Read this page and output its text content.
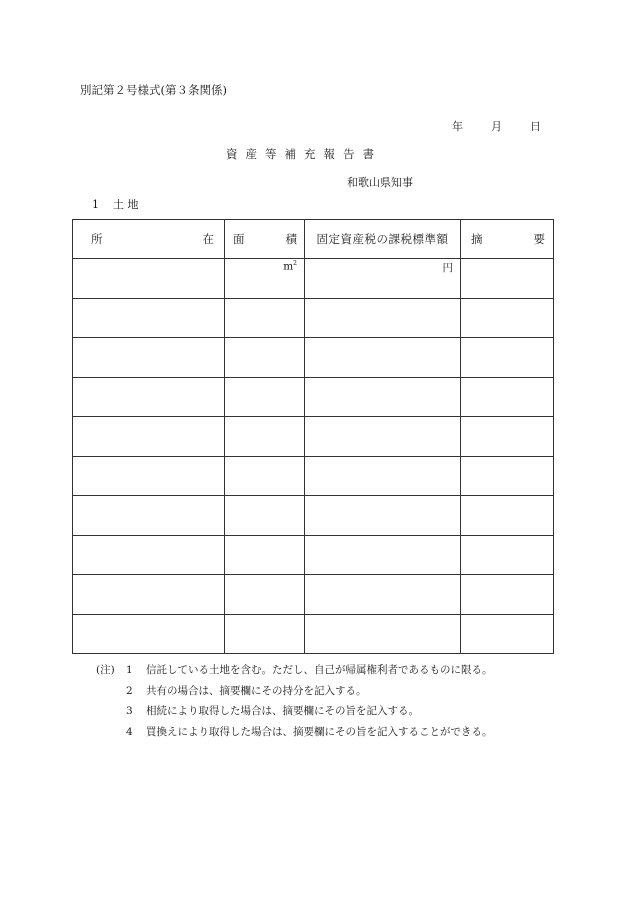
別記第２号様式(第３条関係)
年	月	日
資産等補充報告書
和歌山県知事
1 土 地
所 在	面 積	固定資産税の課税標準額	摘 要

	$m^2$	円	

(注) 1 信託している土地を含む。ただし、自己が帰属権利者であるものに限る。
2 共有の場合は、摘要欄にその持分を記入する。
3 相続により取得した場合は、摘要欄にその旨を記入する。
4 買換えにより取得した場合は、摘要欄にその旨を記入することができる。
